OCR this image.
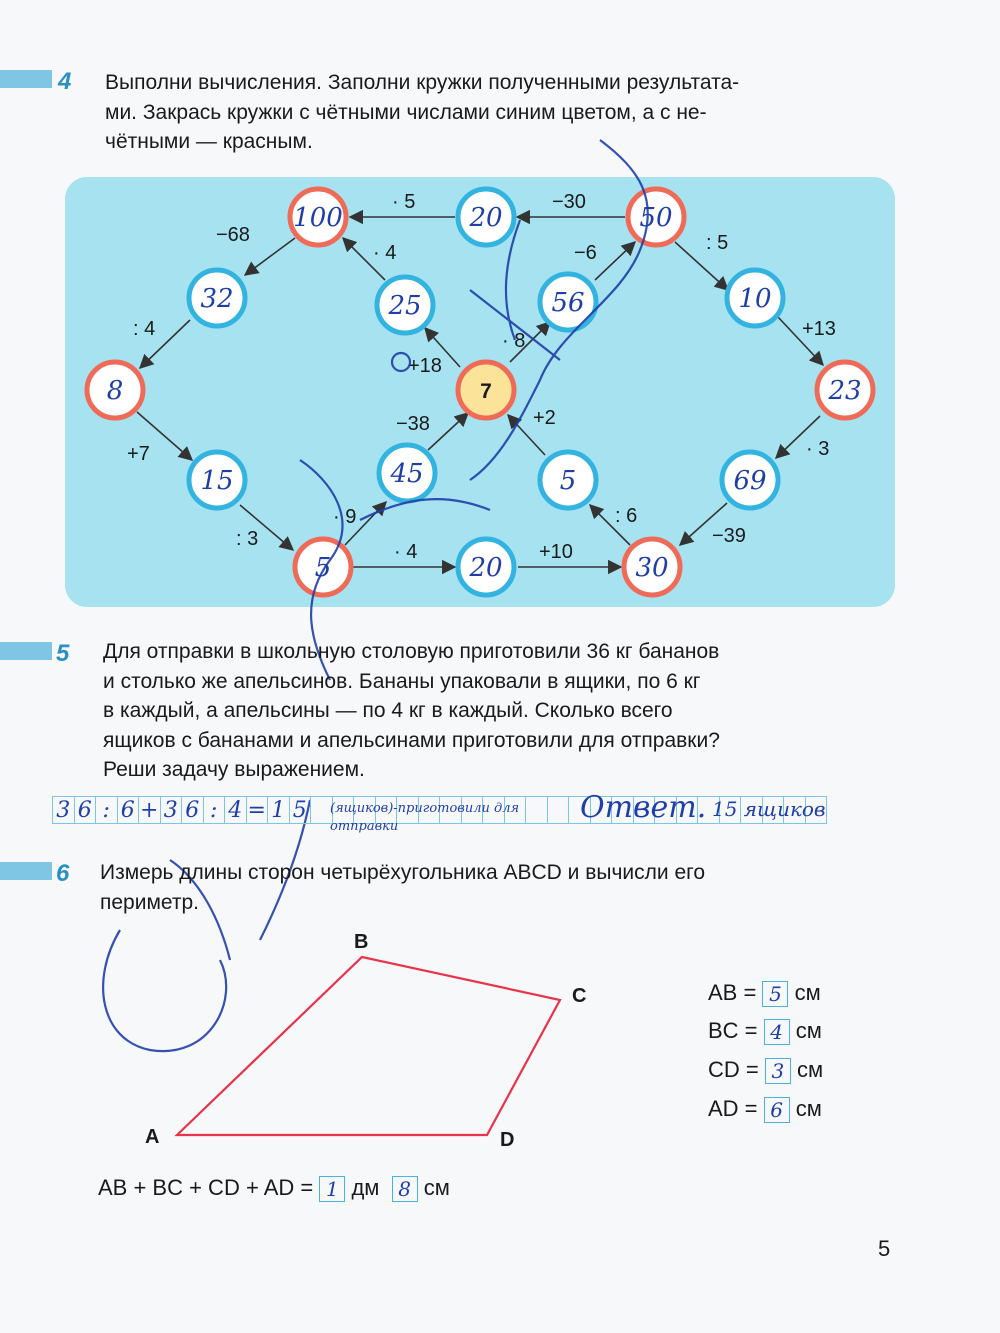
4 Выполни вычисления. Заполни кружки полученными результата-
ми. Закрась кружки с чётными числами синим цветом, а с не-
чётными — красным.
· 5	−30
−68
· 4	−6	: 5
: 4
· 8
+13
+18
−38	+2
+7	· 3
· 9	: 6
: 3	−39
· 4	+10
7
100	20	50
32	25	56	10
8	23
15	45	5	69
5	20	30
5 Для отправки в школьную столовую приготовили 36 кг бананов
и столько же апельсинов. Бананы упаковали в ящики, по 6 кг
в каждый, а апельсины — по 4 кг в каждый. Сколько всего
ящиков с бананами и апельсинами приготовили для отправки?
Реши задачу выражением.
3 6 : 6 + 3 6 : 4 = 1 5	(ящиков)-приготовили для отправки
Ответ. 15 ящиков
6 Измерь длины сторон четырёхугольника ABCD и вычисли его
периметр.
A
B
C
D
AB = 5 см
BC = 4 см
CD = 3 см
AD = 6 см
AB + BC + CD + AD = 1 дм 8 см
5
